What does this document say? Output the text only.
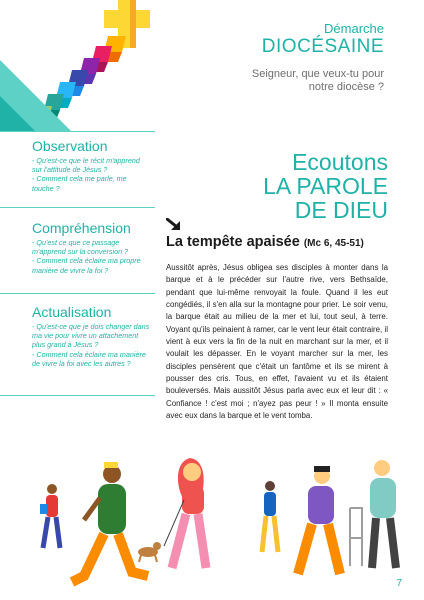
Démarche
DIOCÉSAINE
Seigneur, que veux-tu pour notre diocèse ?
Observation
- Qu'est-ce que le récit m'apprend sur l'attitude de Jésus ?
- Comment cela me parle, me touche ?
Compréhension
- Qu'est ce que ce passage m'apprend sur la conversion ?
- Comment cela éclaire ma propre manière de vivre la foi ?
Actualisation
- Qu'est-ce que je dois changer dans ma vie pour vivre un attachement plus grand à Jésus ?
- Comment cela éclaire ma manière de vivre la foi avec les autres ?
Ecoutons
LA PAROLE
DE DIEU
La tempête apaisée (Mc 6, 45-51)
Aussitôt après, Jésus obligea ses disciples à monter dans la barque et à le précéder sur l'autre rive, vers Bethsaïde, pendant que lui-même renvoyait la foule. Quand il les eut congédiés, il s'en alla sur la montagne pour prier. Le soir venu, la barque était au milieu de la mer et lui, tout seul, à terre. Voyant qu'ils peinaient à ramer, car le vent leur était contraire, il vient à eux vers la fin de la nuit en marchant sur la mer, et il voulait les dépasser. En le voyant marcher sur la mer, les disciples pensèrent que c'était un fantôme et ils se mirent à pousser des cris. Tous, en effet, l'avaient vu et ils étaient bouleversés. Mais aussitôt Jésus parla avec eux et leur dit : « Confiance ! c'est moi ; n'ayez pas peur ! » Il monta ensuite avec eux dans la barque et le vent tomba.
7
